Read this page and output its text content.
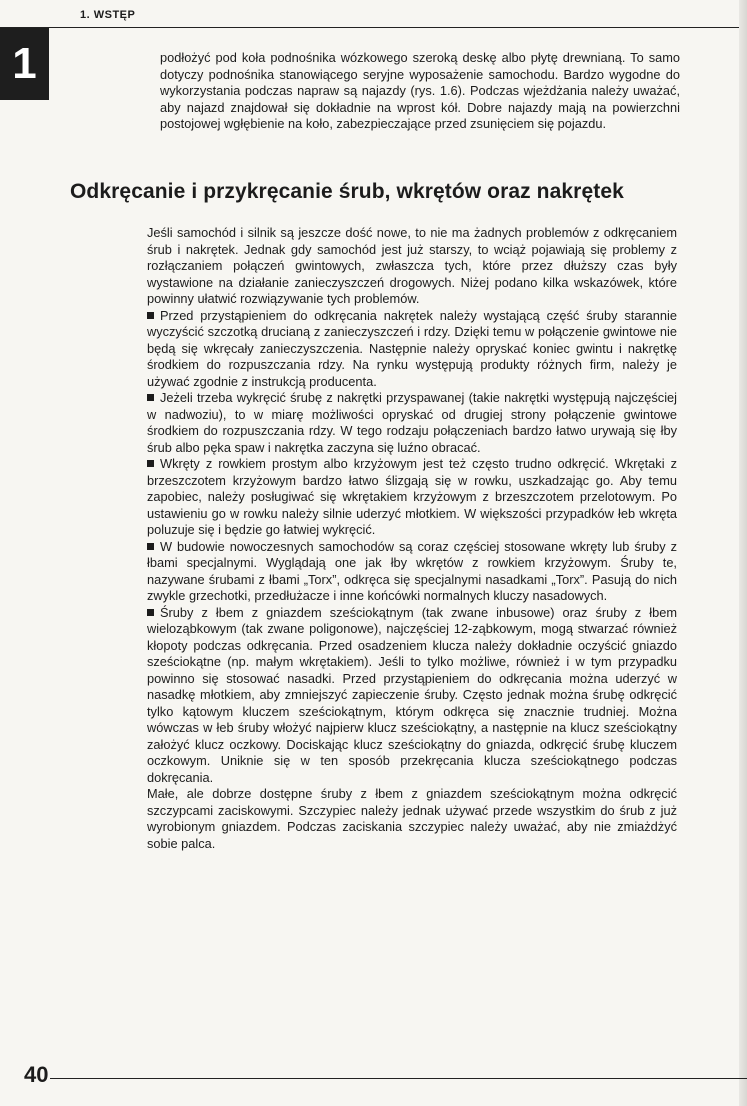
1. WSTĘP
1	podłożyć pod koła podnośnika wózkowego szeroką deskę albo płytę drewnianą. To samo dotyczy podnośnika stanowiącego seryjne wyposażenie samochodu. Bardzo wygodne do wykorzystania podczas napraw są najazdy (rys. 1.6). Podczas wjeżdżania należy uważać, aby najazd znajdował się dokładnie na wprost kół. Dobre najazdy mają na powierzchni postojowej wgłębienie na koło, zabezpieczające przed zsunięciem się pojazdu.

Odkręcanie i przykręcanie śrub, wkrętów oraz nakrętek

Jeśli samochód i silnik są jeszcze dość nowe, to nie ma żadnych problemów z odkręcaniem śrub i nakrętek. Jednak gdy samochód jest już starszy, to wciąż pojawiają się problemy z rozłączaniem połączeń gwintowych, zwłaszcza tych, które przez dłuższy czas były wystawione na działanie zanieczyszczeń drogowych. Niżej podano kilka wskazówek, które powinny ułatwić rozwiązywanie tych problemów.

Przed przystąpieniem do odkręcania nakrętek należy wystającą część śruby starannie wyczyścić szczotką drucianą z zanieczyszczeń i rdzy. Dzięki temu w połączenie gwintowe nie będą się wkręcały zanieczyszczenia. Następnie należy opryskać koniec gwintu i nakrętkę środkiem do rozpuszczania rdzy. Na rynku występują produkty różnych firm, należy je używać zgodnie z instrukcją producenta.

Jeżeli trzeba wykręcić śrubę z nakrętki przyspawanej (takie nakrętki występują najczęściej w nadwoziu), to w miarę możliwości opryskać od drugiej strony połączenie gwintowe środkiem do rozpuszczania rdzy. W tego rodzaju połączeniach bardzo łatwo urywają się łby śrub albo pęka spaw i nakrętka zaczyna się luźno obracać.

Wkręty z rowkiem prostym albo krzyżowym jest też często trudno odkręcić. Wkrętaki z brzeszczotem krzyżowym bardzo łatwo ślizgają się w rowku, uszkadzając go. Aby temu zapobiec, należy posługiwać się wkrętakiem krzyżowym z brzeszczotem przelotowym. Po ustawieniu go w rowku należy silnie uderzyć młotkiem. W większości przypadków łeb wkręta poluzuje się i będzie go łatwiej wykręcić.

W budowie nowoczesnych samochodów są coraz częściej stosowane wkręty lub śruby z łbami specjalnymi. Wyglądają one jak łby wkrętów z rowkiem krzyżowym. Śruby te, nazywane śrubami z łbami „Torx”, odkręca się specjalnymi nasadkami „Torx”. Pasują do nich zwykle grzechotki, przedłużacze i inne końcówki normalnych kluczy nasadowych.

Śruby z łbem z gniazdem sześciokątnym (tak zwane inbusowe) oraz śruby z łbem wieloząbkowym (tak zwane poligonowe), najczęściej 12-ząbkowym, mogą stwarzać również kłopoty podczas odkręcania. Przed osadzeniem klucza należy dokładnie oczyścić gniazdo sześciokątne (np. małym wkrętakiem). Jeśli to tylko możliwe, również i w tym przypadku powinno się stosować nasadki. Przed przystąpieniem do odkręcania można uderzyć w nasadkę młotkiem, aby zmniejszyć zapieczenie śruby. Często jednak można śrubę odkręcić tylko kątowym kluczem sześciokątnym, którym odkręca się znacznie trudniej. Można wówczas w łeb śruby włożyć najpierw klucz sześciokątny, a następnie na klucz sześciokątny założyć klucz oczkowy. Dociskając klucz sześciokątny do gniazda, odkręcić śrubę kluczem oczkowym. Uniknie się w ten sposób przekręcania klucza sześciokątnego podczas dokręcania.

Małe, ale dobrze dostępne śruby z łbem z gniazdem sześciokątnym można odkręcić szczypcami zaciskowymi. Szczypiec należy jednak używać przede wszystkim do śrub z już wyrobionym gniazdem. Podczas zaciskania szczypiec należy uważać, aby nie zmiażdżyć sobie palca.

40
